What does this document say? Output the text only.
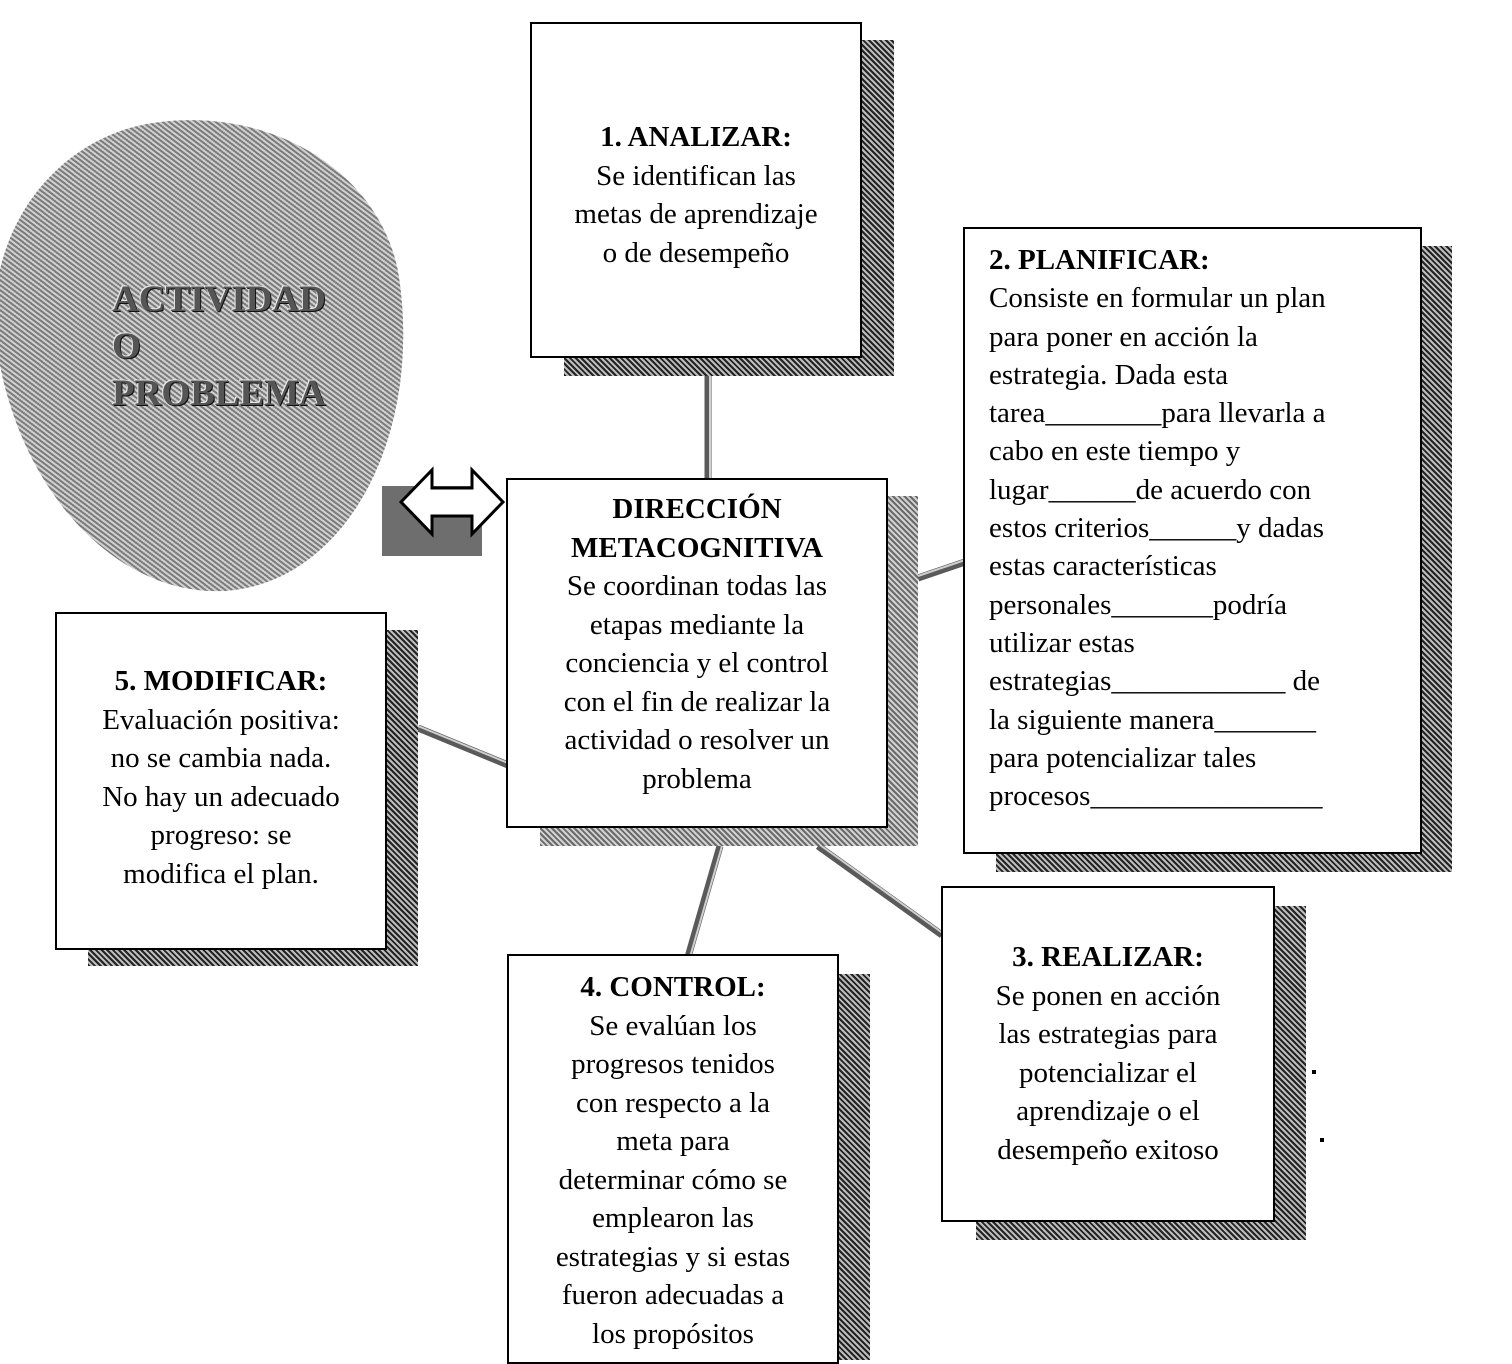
ACTIVIDAD
O
PROBLEMA
1. ANALIZAR:
Se identifican las
metas de aprendizaje
o de desempeño	2. PLANIFICAR:
Consiste en formular un plan
para poner en acción la
estrategia. Dada esta
tarea________para llevarla a
cabo en este tiempo y
lugar______de acuerdo con
estos criterios______y dadas
estas características
personales_______podría
utilizar estas
estrategias____________ de
la siguiente manera_______
para potencializar tales
procesos________________
DIRECCIÓN
METACOGNITIVA
Se coordinan todas las
etapas mediante la
conciencia y el control
con el fin de realizar la
actividad o resolver un
problema
5. MODIFICAR:
Evaluación positiva:
no se cambia nada.
No hay un adecuado
progreso: se
modifica el plan.
3. REALIZAR:
Se ponen en acción
las estrategias para
potencializar el
aprendizaje o el
desempeño exitoso
4. CONTROL:
Se evalúan los
progresos tenidos
con respecto a la
meta para
determinar cómo se
emplearon las
estrategias y si estas
fueron adecuadas a
los propósitos
